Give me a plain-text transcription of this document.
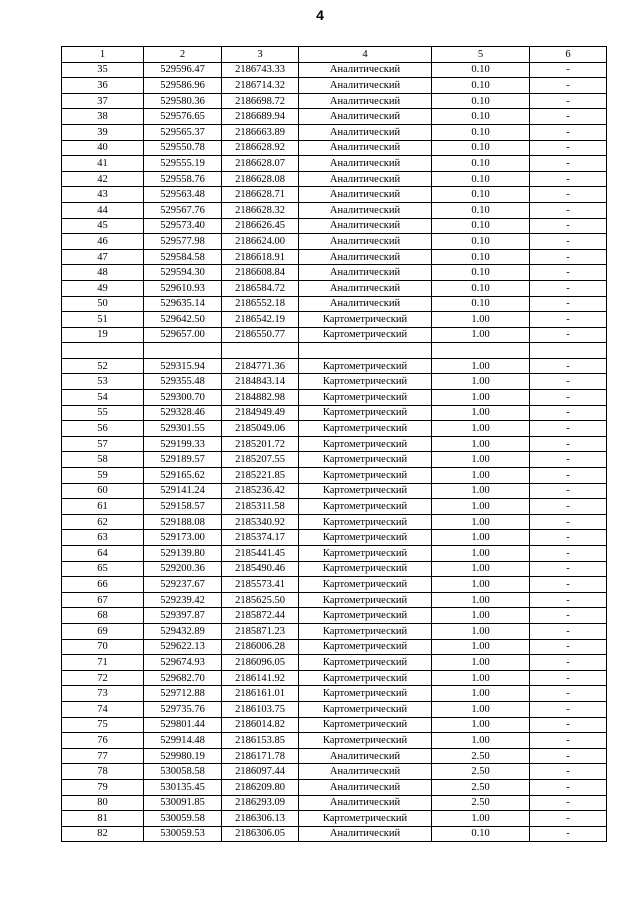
4
1	2	3	4	5	6
35	529596.47	2186743.33	Аналитический	0.10	-
36	529586.96	2186714.32	Аналитический	0.10	-
37	529580.36	2186698.72	Аналитический	0.10	-
38	529576.65	2186689.94	Аналитический	0.10	-
39	529565.37	2186663.89	Аналитический	0.10	-
40	529550.78	2186628.92	Аналитический	0.10	-
41	529555.19	2186628.07	Аналитический	0.10	-
42	529558.76	2186628.08	Аналитический	0.10	-
43	529563.48	2186628.71	Аналитический	0.10	-
44	529567.76	2186628.32	Аналитический	0.10	-
45	529573.40	2186626.45	Аналитический	0.10	-
46	529577.98	2186624.00	Аналитический	0.10	-
47	529584.58	2186618.91	Аналитический	0.10	-
48	529594.30	2186608.84	Аналитический	0.10	-
49	529610.93	2186584.72	Аналитический	0.10	-
50	529635.14	2186552.18	Аналитический	0.10	-
51	529642.50	2186542.19	Картометрический	1.00	-
19	529657.00	2186550.77	Картометрический	1.00	-

52	529315.94	2184771.36	Картометрический	1.00	-
53	529355.48	2184843.14	Картометрический	1.00	-
54	529300.70	2184882.98	Картометрический	1.00	-
55	529328.46	2184949.49	Картометрический	1.00	-
56	529301.55	2185049.06	Картометрический	1.00	-
57	529199.33	2185201.72	Картометрический	1.00	-
58	529189.57	2185207.55	Картометрический	1.00	-
59	529165.62	2185221.85	Картометрический	1.00	-
60	529141.24	2185236.42	Картометрический	1.00	-
61	529158.57	2185311.58	Картометрический	1.00	-
62	529188.08	2185340.92	Картометрический	1.00	-
63	529173.00	2185374.17	Картометрический	1.00	-
64	529139.80	2185441.45	Картометрический	1.00	-
65	529200.36	2185490.46	Картометрический	1.00	-
66	529237.67	2185573.41	Картометрический	1.00	-
67	529239.42	2185625.50	Картометрический	1.00	-
68	529397.87	2185872.44	Картометрический	1.00	-
69	529432.89	2185871.23	Картометрический	1.00	-
70	529622.13	2186006.28	Картометрический	1.00	-
71	529674.93	2186096.05	Картометрический	1.00	-
72	529682.70	2186141.92	Картометрический	1.00	-
73	529712.88	2186161.01	Картометрический	1.00	-
74	529735.76	2186103.75	Картометрический	1.00	-
75	529801.44	2186014.82	Картометрический	1.00	-
76	529914.48	2186153.85	Картометрический	1.00	-
77	529980.19	2186171.78	Аналитический	2.50	-
78	530058.58	2186097.44	Аналитический	2.50	-
79	530135.45	2186209.80	Аналитический	2.50	-
80	530091.85	2186293.09	Аналитический	2.50	-
81	530059.58	2186306.13	Картометрический	1.00	-
82	530059.53	2186306.05	Аналитический	0.10	-
